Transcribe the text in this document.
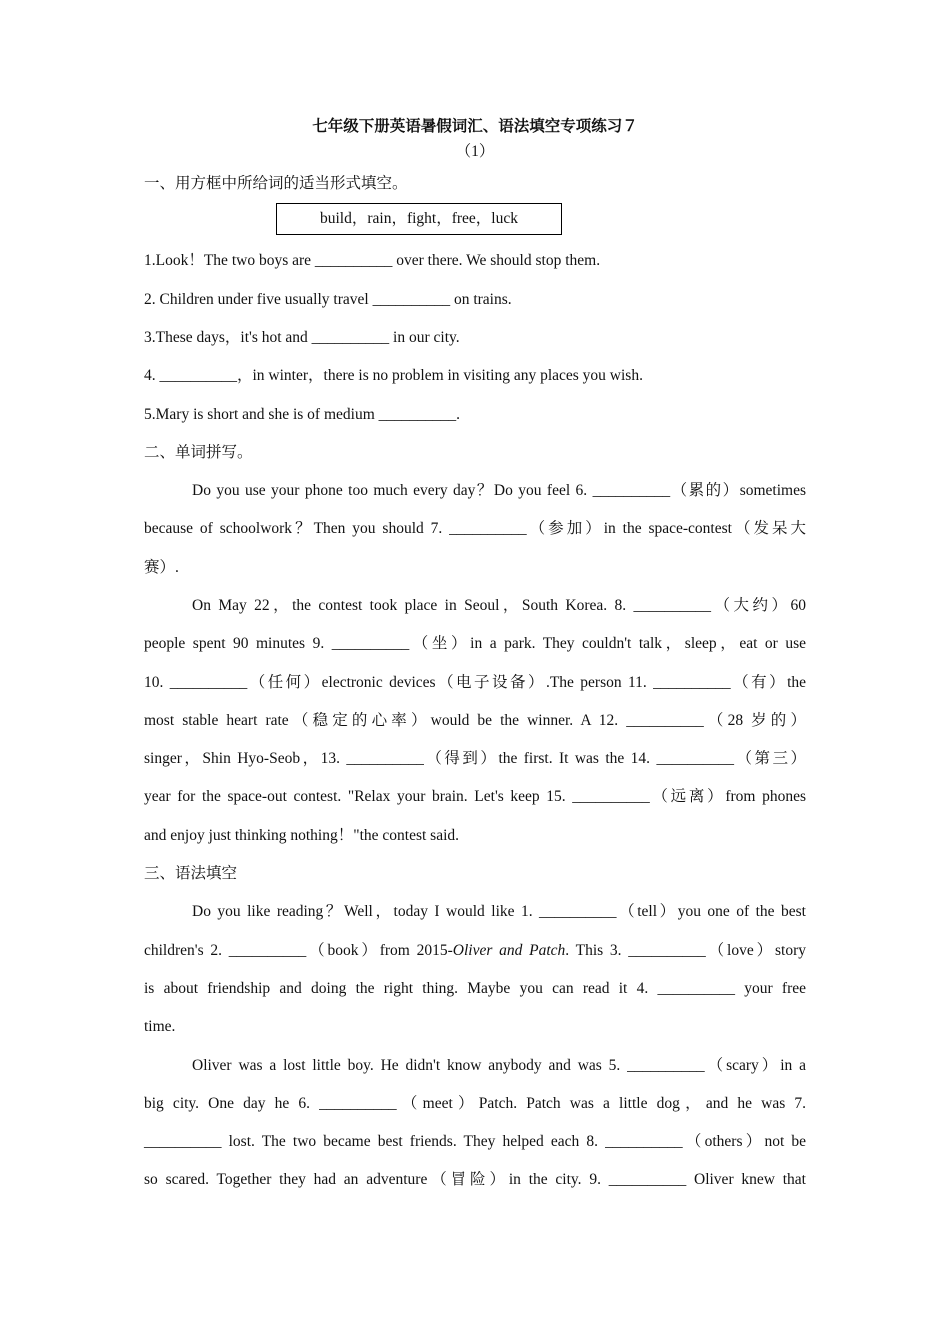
七年级下册英语暑假词汇、语法填空专项练习７
（1）
一、用方框中所给词的适当形式填空。
build，rain，fight，free，luck
1.Look！The two boys are __________ over there. We should stop them.
2. Children under five usually travel __________ on trains.
3.These days，it's hot and __________ in our city.
4. __________，in winter，there is no problem in visiting any places you wish.
5.Mary is short and she is of medium __________.
二、单词拼写。
Do you use your phone too much every day？Do you feel 6. __________（累的）sometimes
because of schoolwork？Then you should 7. __________（参加）in the space-contest（发呆大
赛）.
On May 22，the contest took place in Seoul，South Korea. 8. __________（大约）60
people spent 90 minutes 9. __________（坐）in a park. They couldn't talk，sleep，eat or use
10. __________（任何）electronic devices（电子设备）.The person 11. __________（有）the
most stable heart rate（稳定的心率）would be the winner. A 12. __________（28 岁的）
singer，Shin Hyo-Seob，13. __________（得到）the first. It was the 14. __________（第三）
year for the space-out contest. "Relax your brain. Let's keep 15. __________（远离）from phones
and enjoy just thinking nothing！"the contest said.
三、语法填空
Do you like reading？Well，today I would like 1. __________（tell）you one of the best
children's 2. __________（book）from 2015-Oliver and Patch. This 3. __________（love）story
is about friendship and doing the right thing. Maybe you can read it 4. __________ your free
time.
Oliver was a lost little boy. He didn't know anybody and was 5. __________（scary）in a
big city. One day he 6. __________（meet）Patch. Patch was a little dog，and he was 7.
__________ lost. The two became best friends. They helped each 8. __________（others）not be
so scared. Together they had an adventure（冒险）in the city. 9. __________ Oliver knew that
